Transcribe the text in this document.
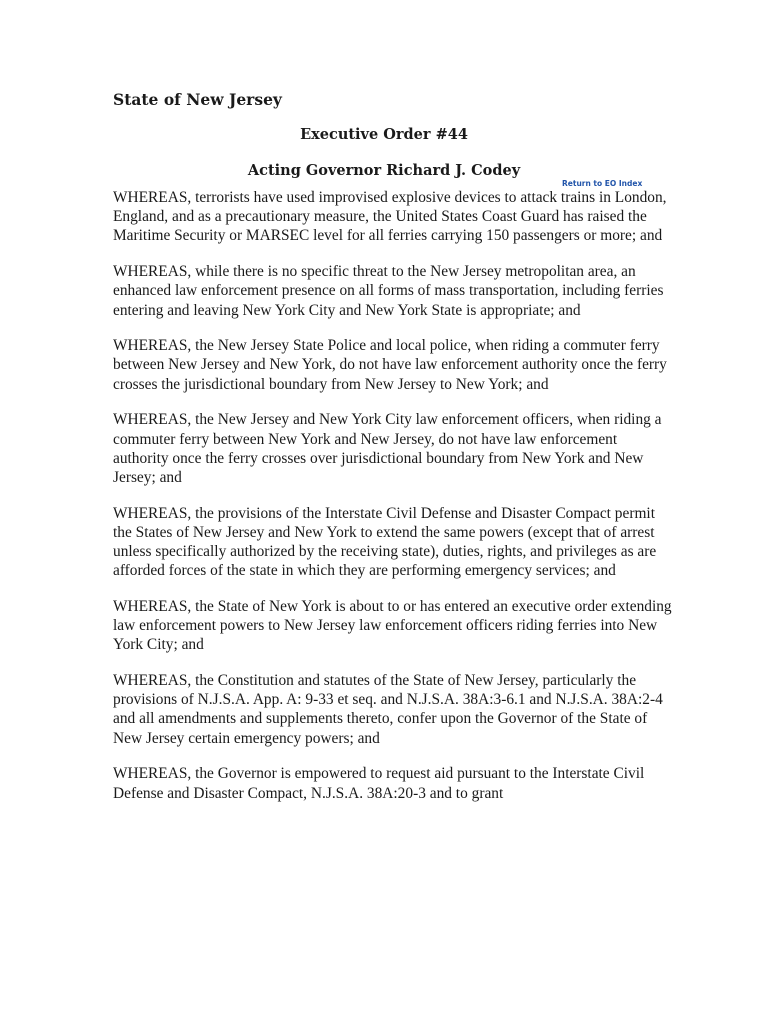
State of New Jersey
Executive Order #44
Acting Governor Richard J. Codey
Return to EO Index

WHEREAS, terrorists have used improvised explosive devices to attack trains in London, England, and as a precautionary measure, the United States Coast Guard has raised the Maritime Security or MARSEC level for all ferries carrying 150 passengers or more; and

WHEREAS, while there is no specific threat to the New Jersey metropolitan area, an enhanced law enforcement presence on all forms of mass transportation, including ferries entering and leaving New York City and New York State is appropriate; and

WHEREAS, the New Jersey State Police and local police, when riding a commuter ferry between New Jersey and New York, do not have law enforcement authority once the ferry crosses the jurisdictional boundary from New Jersey to New York; and

WHEREAS, the New Jersey and New York City law enforcement officers, when riding a commuter ferry between New York and New Jersey, do not have law enforcement authority once the ferry crosses over jurisdictional boundary from New York and New Jersey; and

WHEREAS, the provisions of the Interstate Civil Defense and Disaster Compact permit the States of New Jersey and New York to extend the same powers (except that of arrest unless specifically authorized by the receiving state), duties, rights, and privileges as are afforded forces of the state in which they are performing emergency services; and

WHEREAS, the State of New York is about to or has entered an executive order extending law enforcement powers to New Jersey law enforcement officers riding ferries into New York City; and

WHEREAS, the Constitution and statutes of the State of New Jersey, particularly the provisions of N.J.S.A. App. A: 9-33 et seq. and N.J.S.A. 38A:3-6.1 and N.J.S.A. 38A:2-4 and all amendments and supplements thereto, confer upon the Governor of the State of New Jersey certain emergency powers; and

WHEREAS, the Governor is empowered to request aid pursuant to the Interstate Civil Defense and Disaster Compact, N.J.S.A. 38A:20-3 and to grant
